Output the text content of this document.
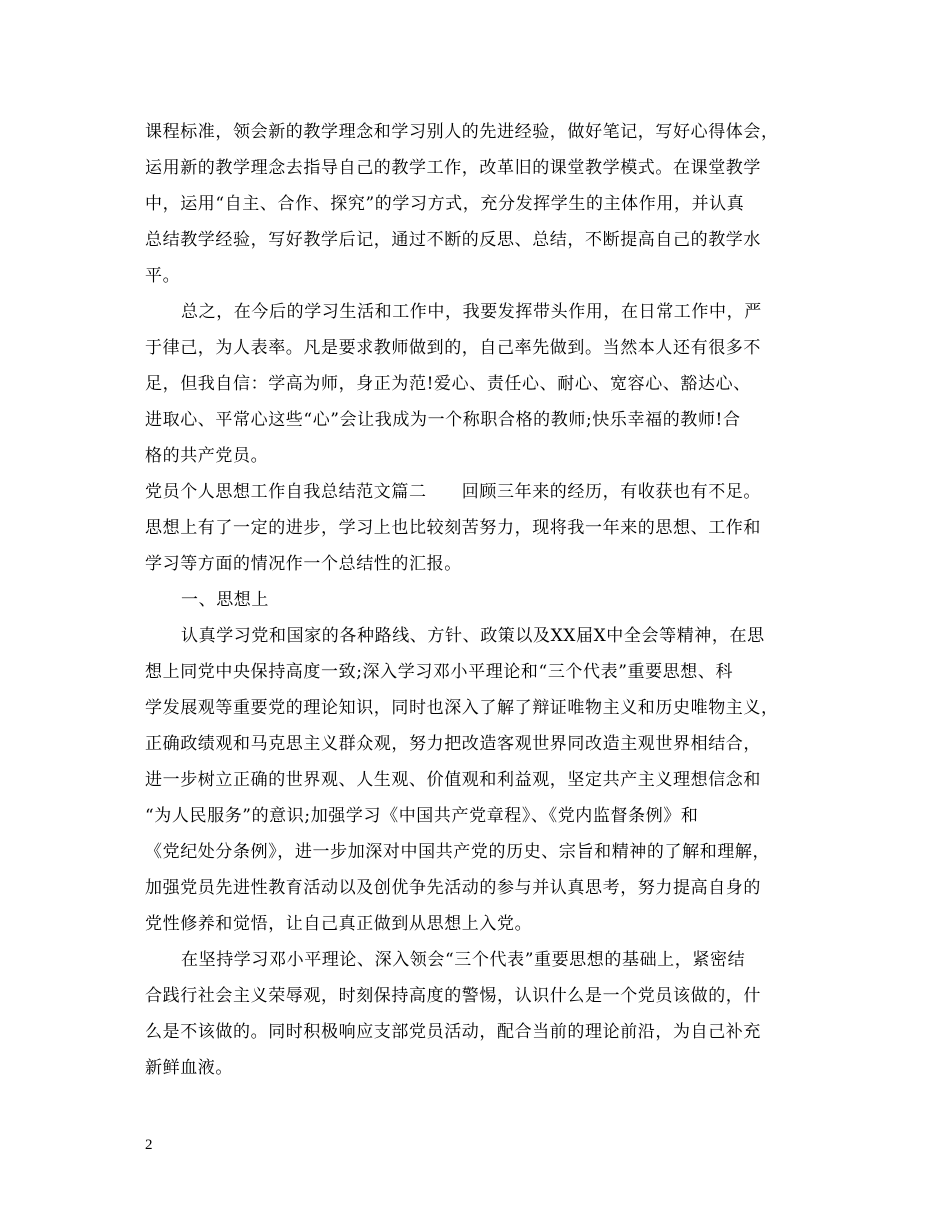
课程标准，领会新的教学理念和学习别人的先进经验，做好笔记，写好心得体会，
运用新的教学理念去指导自己的教学工作，改革旧的课堂教学模式。在课堂教学
中，运用“自主、合作、探究”的学习方式，充分发挥学生的主体作用，并认真
总结教学经验，写好教学后记，通过不断的反思、总结，不断提高自己的教学水
平。
总之，在今后的学习生活和工作中，我要发挥带头作用，在日常工作中，严
于律己，为人表率。凡是要求教师做到的，自己率先做到。当然本人还有很多不
足，但我自信：学高为师，身正为范!爱心、责任心、耐心、宽容心、豁达心、
进取心、平常心这些“心”会让我成为一个称职合格的教师;快乐幸福的教师!合
格的共产党员。
党员个人思想工作自我总结范文篇二　　回顾三年来的经历，有收获也有不足。
思想上有了一定的进步，学习上也比较刻苦努力，现将我一年来的思想、工作和
学习等方面的情况作一个总结性的汇报。
一、思想上
认真学习党和国家的各种路线、方针、政策以及XX届X中全会等精神，在思
想上同党中央保持高度一致;深入学习邓小平理论和“三个代表”重要思想、科
学发展观等重要党的理论知识，同时也深入了解了辩证唯物主义和历史唯物主义，
正确政绩观和马克思主义群众观，努力把改造客观世界同改造主观世界相结合，
进一步树立正确的世界观、人生观、价值观和利益观，坚定共产主义理想信念和
“为人民服务”的意识;加强学习《中国共产党章程》、《党内监督条例》和
《党纪处分条例》，进一步加深对中国共产党的历史、宗旨和精神的了解和理解，
加强党员先进性教育活动以及创优争先活动的参与并认真思考，努力提高自身的
党性修养和觉悟，让自己真正做到从思想上入党。
在坚持学习邓小平理论、深入领会“三个代表”重要思想的基础上，紧密结
合践行社会主义荣辱观，时刻保持高度的警惕，认识什么是一个党员该做的，什
么是不该做的。同时积极响应支部党员活动，配合当前的理论前沿，为自己补充
新鲜血液。
2
